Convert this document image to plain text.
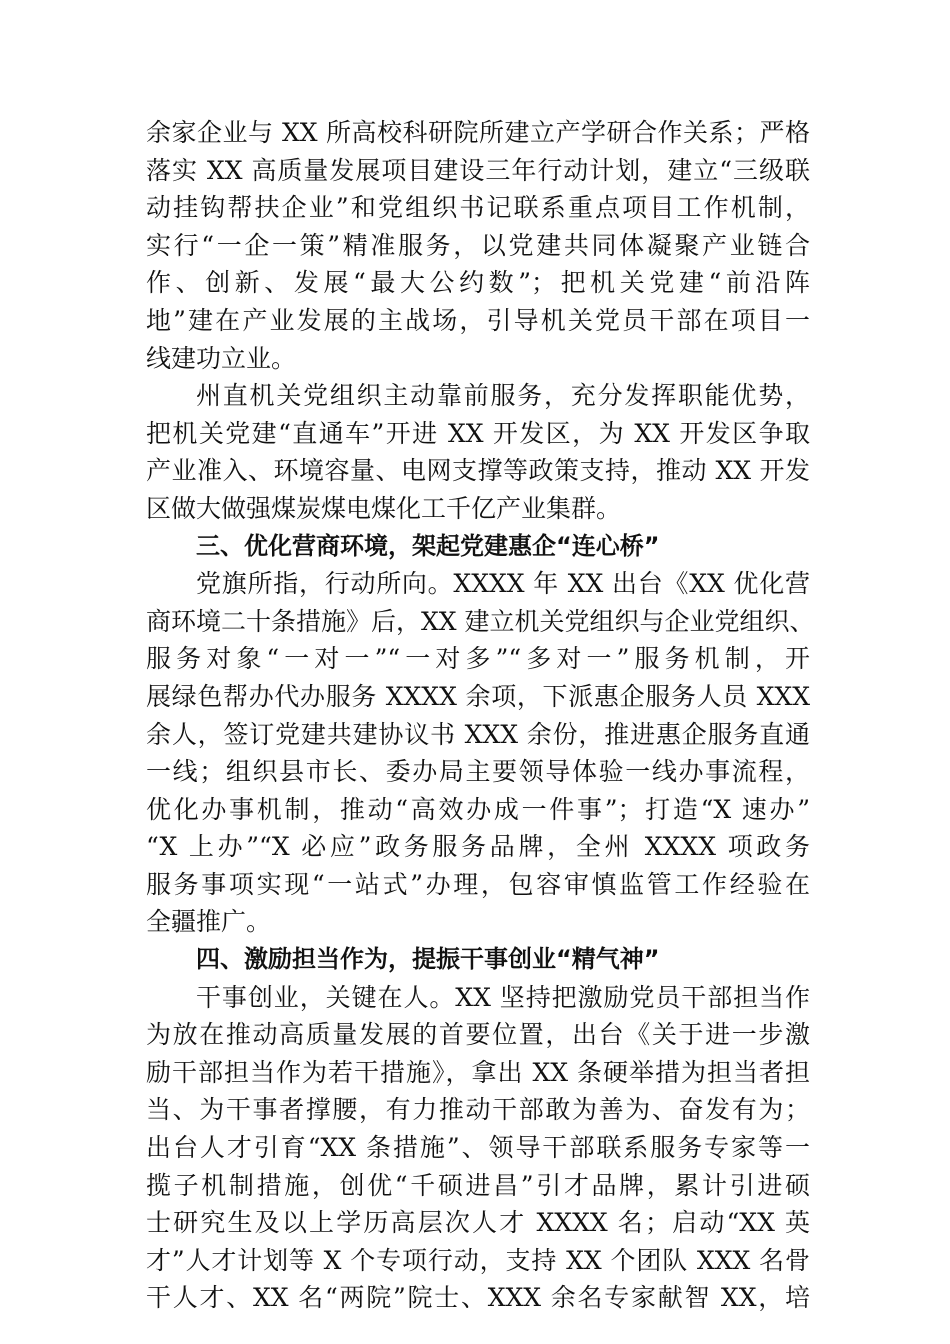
余家企业与 XX 所高校科研院所建立产学研合作关系；严格
落实 XX 高质量发展项目建设三年行动计划，建立“三级联
动挂钩帮扶企业”和党组织书记联系重点项目工作机制，
实行“一企一策”精准服务，以党建共同体凝聚产业链合
作、创新、发展“最大公约数”；把机关党建“前沿阵
地”建在产业发展的主战场，引导机关党员干部在项目一
线建功立业。
州直机关党组织主动靠前服务，充分发挥职能优势，
把机关党建“直通车”开进 XX 开发区，为 XX 开发区争取
产业准入、环境容量、电网支撑等政策支持，推动 XX 开发
区做大做强煤炭煤电煤化工千亿产业集群。
三、优化营商环境，架起党建惠企“连心桥”
党旗所指，行动所向。XXXX 年 XX 出台《XX 优化营
商环境二十条措施》后，XX 建立机关党组织与企业党组织、
服务对象“一对一”“一对多”“多对一”服务机制，开
展绿色帮办代办服务 XXXX 余项，下派惠企服务人员 XXX
余人，签订党建共建协议书 XXX 余份，推进惠企服务直通
一线；组织县市长、委办局主要领导体验一线办事流程，
优化办事机制，推动“高效办成一件事”；打造“X 速办”
“X 上办”“X 必应”政务服务品牌，全州 XXXX 项政务
服务事项实现“一站式”办理，包容审慎监管工作经验在
全疆推广。
四、激励担当作为，提振干事创业“精气神”
干事创业，关键在人。XX 坚持把激励党员干部担当作
为放在推动高质量发展的首要位置，出台《关于进一步激
励干部担当作为若干措施》，拿出 XX 条硬举措为担当者担
当、为干事者撑腰，有力推动干部敢为善为、奋发有为；
出台人才引育“XX 条措施”、领导干部联系服务专家等一
揽子机制措施，创优“千硕进昌”引才品牌，累计引进硕
士研究生及以上学历高层次人才 XXXX 名；启动“XX 英
才”人才计划等 X 个专项行动，支持 XX 个团队 XXX 名骨
干人才、XX 名“两院”院士、XXX 余名专家献智 XX，培
